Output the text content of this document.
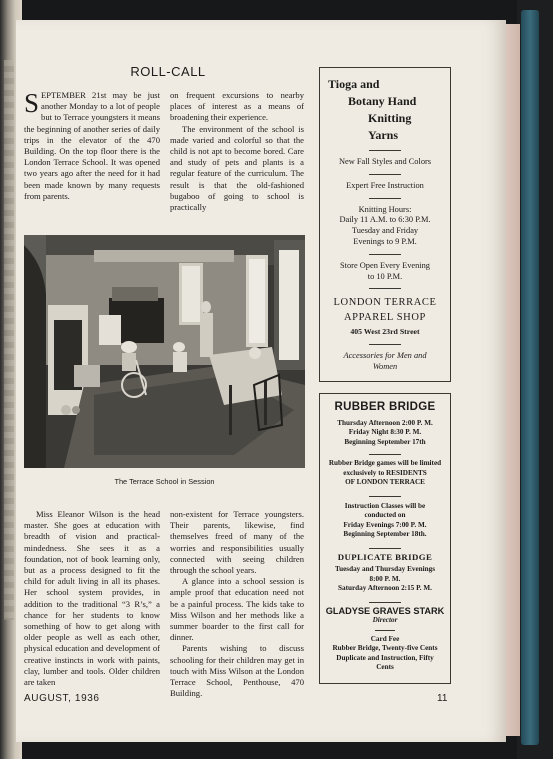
ROLL-CALL

SEPTEMBER 21st may be just another Monday to a lot of people but to Terrace youngsters it means the beginning of another series of daily trips in the elevator of the 470 Building. On the top floor there is the London Terrace School. It was opened two years ago after the need for it had been made known by many requests from parents.

on frequent excursions to nearby places of interest as a means of broadening their experience.

The environment of the school is made varied and colorful so that the child is not apt to become bored. Care and study of pets and plants is a regular feature of the curriculum. The result is that the old-fashioned bugaboo of going to school is practically

The Terrace School in Session

Miss Eleanor Wilson is the head master. She goes at education with breadth of vision and practical-mindedness. She sees it as a foundation, not of book learning only, but as a process designed to fit the child for adult living in all its phases. Her school system provides, in addition to the traditional “3 R’s,” a chance for her students to know something of how to get along with older people as well as each other, physical education and development of creative instincts in work with paints, clay, lumber and tools. Older children are taken

non-existent for Terrace youngsters. Their parents, likewise, find themselves freed of many of the worries and responsibilities usually connected with seeing children through the school years.

A glance into a school session is ample proof that education need not be a painful process. The kids take to Miss Wilson and her methods like a summer boarder to the first call for dinner.

Parents wishing to discuss schooling for their children may get in touch with Miss Wilson at the London Terrace School, Penthouse, 470 Building.

Tioga and
Botany Hand
Knitting Yarns
New Fall Styles and Colors
Expert Free Instruction
Knitting Hours:
Daily 11 A.M. to 6:30 P.M.
Tuesday and Friday
Evenings to 9 P.M.
Store Open Every Evening
to 10 P.M.
LONDON TERRACE
APPAREL SHOP
405 West 23rd Street
Accessories for Men and
Women
RUBBER BRIDGE
Thursday Afternoon 2:00 P. M.
Friday Night 8:30 P. M.
Beginning September 17th
Rubber Bridge games will be limited exclusively to RESIDENTS
OF LONDON TERRACE
Instruction Classes will be
conducted on
Friday Evenings 7:00 P. M.
Beginning September 18th.
DUPLICATE BRIDGE
Tuesday and Thursday Evenings
8:00 P. M.
Saturday Afternoon 2:15 P. M.
GLADYSE GRAVES STARK
Director
Card Fee
Rubber Bridge, Twenty-five Cents
Duplicate and Instruction, Fifty
Cents
AUGUST, 1936	11
